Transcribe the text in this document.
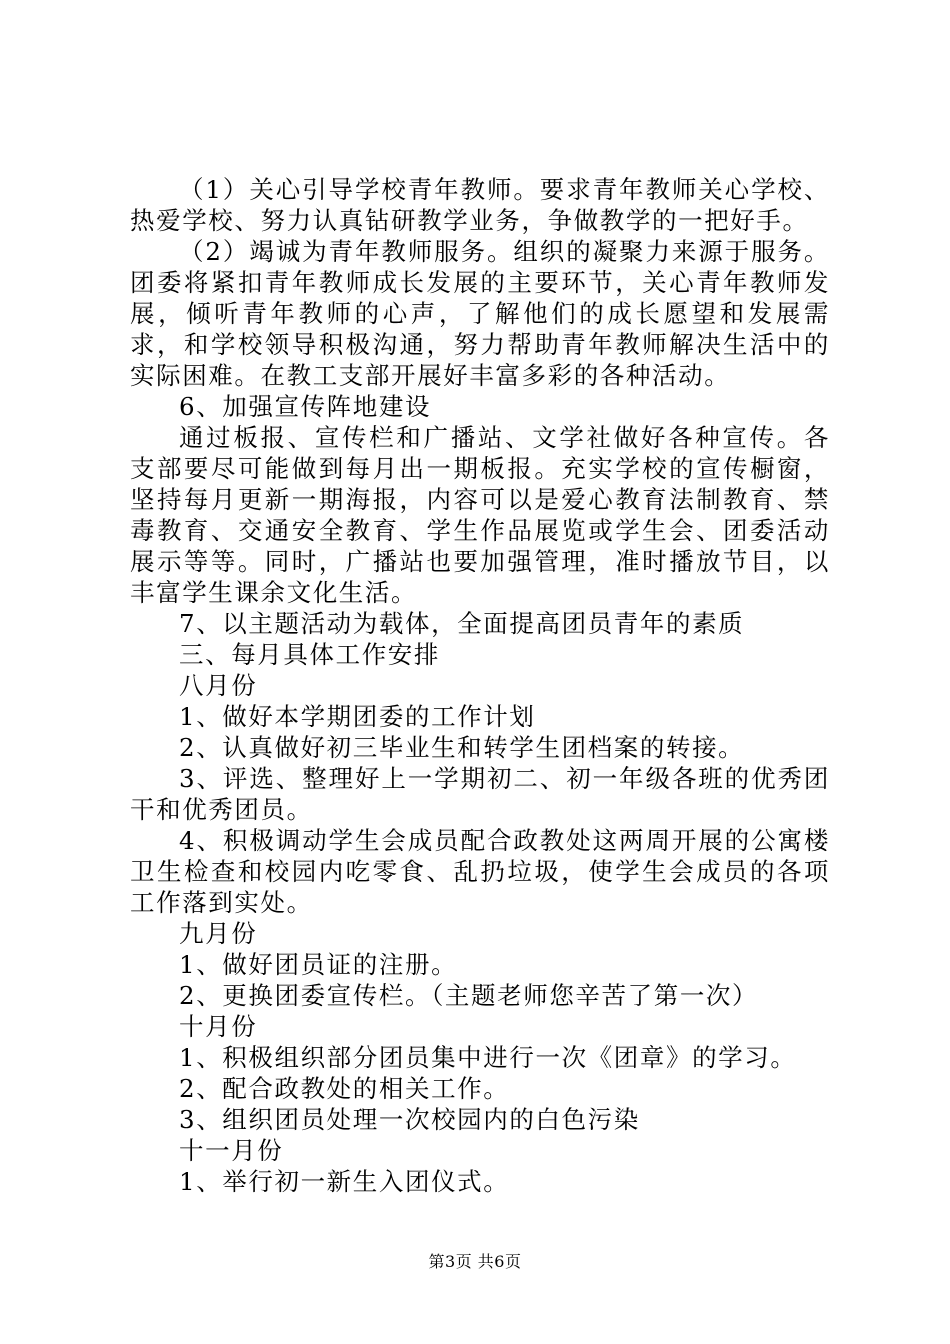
（1）关心引导学校青年教师。要求青年教师关心学校、热爱学校、努力认真钻研教学业务，争做教学的一把好手。

（2）竭诚为青年教师服务。组织的凝聚力来源于服务。团委将紧扣青年教师成长发展的主要环节，关心青年教师发展，倾听青年教师的心声，了解他们的成长愿望和发展需求，和学校领导积极沟通，努力帮助青年教师解决生活中的实际困难。在教工支部开展好丰富多彩的各种活动。

6、加强宣传阵地建设

通过板报、宣传栏和广播站、文学社做好各种宣传。各支部要尽可能做到每月出一期板报。充实学校的宣传橱窗，坚持每月更新一期海报，内容可以是爱心教育法制教育、禁毒教育、交通安全教育、学生作品展览或学生会、团委活动展示等等。同时，广播站也要加强管理，准时播放节目，以丰富学生课余文化生活。

7、以主题活动为载体，全面提高团员青年的素质

三、每月具体工作安排

八月份

1、做好本学期团委的工作计划

2、认真做好初三毕业生和转学生团档案的转接。

3、评选、整理好上一学期初二、初一年级各班的优秀团干和优秀团员。

4、积极调动学生会成员配合政教处这两周开展的公寓楼卫生检查和校园内吃零食、乱扔垃圾，使学生会成员的各项工作落到实处。

九月份

1、做好团员证的注册。

2、更换团委宣传栏。（主题老师您辛苦了第一次）

十月份

1、积极组织部分团员集中进行一次《团章》的学习。

2、配合政教处的相关工作。

3、组织团员处理一次校园内的白色污染

十一月份

1、举行初一新生入团仪式。

第3页 共6页
